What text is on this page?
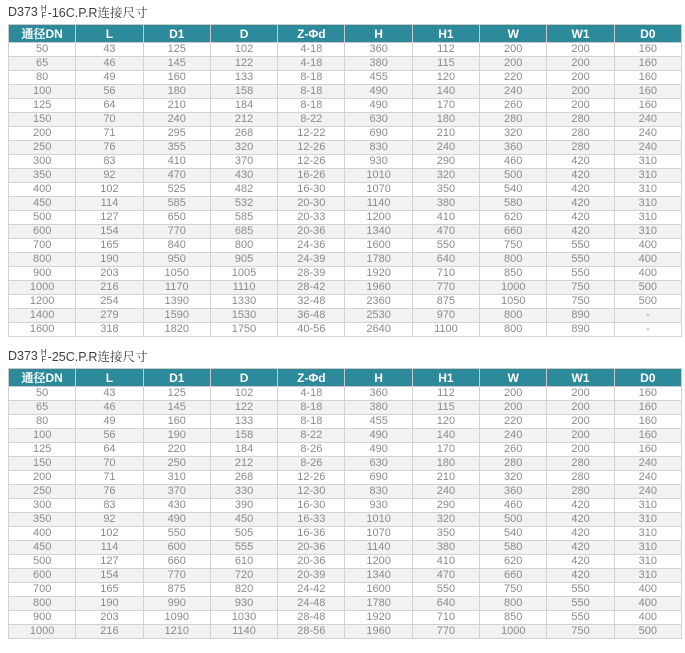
D373 H
F -16C.P.R连接尺寸
通径DN	L	D1	D	Z-Φd	H	H1	W	W1	D0
50	43	125	102	4-18	360	112	200	200	160
65	46	145	122	4-18	380	115	200	200	160
80	49	160	133	8-18	455	120	220	200	160
100	56	180	158	8-18	490	140	240	200	160
125	64	210	184	8-18	490	170	260	200	160
150	70	240	212	8-22	630	180	280	280	240
200	71	295	268	12-22	690	210	320	280	240
250	76	355	320	12-26	830	240	360	280	240
300	83	410	370	12-26	930	290	460	420	310
350	92	470	430	16-26	1010	320	500	420	310
400	102	525	482	16-30	1070	350	540	420	310
450	114	585	532	20-30	1140	380	580	420	310
500	127	650	585	20-33	1200	410	620	420	310
600	154	770	685	20-36	1340	470	660	420	310
700	165	840	800	24-36	1600	550	750	550	400
800	190	950	905	24-39	1780	640	800	550	400
900	203	1050	1005	28-39	1920	710	850	550	400
1000	216	1170	1110	28-42	1960	770	1000	750	500
1200	254	1390	1330	32-48	2360	875	1050	750	500
1400	279	1590	1530	36-48	2530	970	800	890	-
1600	318	1820	1750	40-56	2640	1100	800	890	-
D373 H
F -25C.P.R连接尺寸
通径DN	L	D1	D	Z-Φd	H	H1	W	W1	D0
50	43	125	102	4-18	360	112	200	200	160
65	46	145	122	8-18	380	115	200	200	160
80	49	160	133	8-18	455	120	220	200	160
100	56	190	158	8-22	490	140	240	200	160
125	64	220	184	8-26	490	170	260	200	160
150	70	250	212	8-26	630	180	280	280	240
200	71	310	268	12-26	690	210	320	280	240
250	76	370	330	12-30	830	240	360	280	240
300	83	430	390	16-30	930	290	460	420	310
350	92	490	450	16-33	1010	320	500	420	310
400	102	550	505	16-36	1070	350	540	420	310
450	114	600	555	20-36	1140	380	580	420	310
500	127	660	610	20-36	1200	410	620	420	310
600	154	770	720	20-39	1340	470	660	420	310
700	165	875	820	24-42	1600	550	750	550	400
800	190	990	930	24-48	1780	640	800	550	400
900	203	1090	1030	28-48	1920	710	850	550	400
1000	216	1210	1140	28-56	1960	770	1000	750	500
